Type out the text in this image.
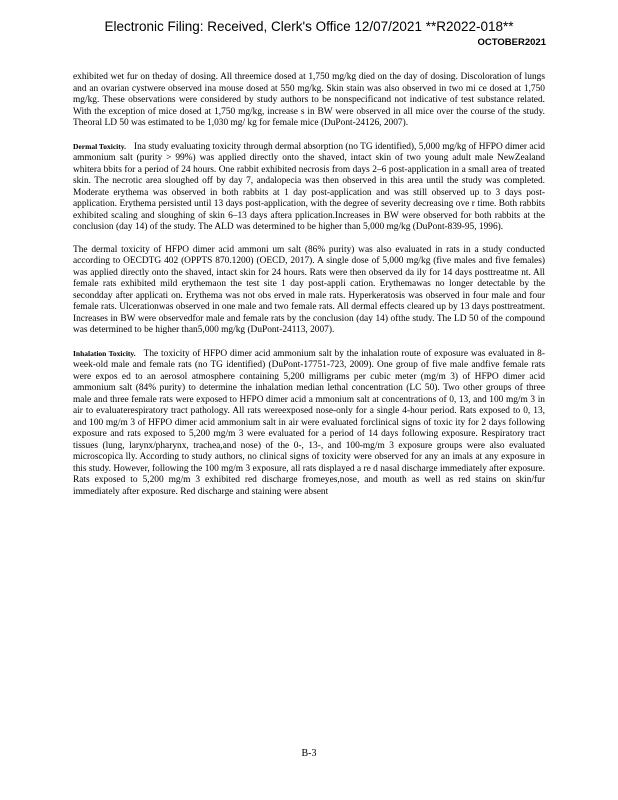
Electronic Filing: Received, Clerk's Office 12/07/2021 **R2022-018**
OCTOBER2021

exhibited wet fur on theday of dosing. All threemice dosed at 1,750 mg/kg died on the day of dosing. Discoloration of lungs and an ovarian cystwere observed ina mouse dosed at 550 mg/kg. Skin stain was also observed in two mi ce dosed at 1,750 mg/kg. These observations were considered by study authors to be nonspecificand not indicative of test substance related. With the exception of mice dosed at 1,750 mg/kg, increase s in BW were observed in all mice over the course of the study. Theoral LD 50 was estimated to be 1,030 mg/ kg for female mice (DuPont-24126, 2007).

Dermal Toxicity. Ina study evaluating toxicity through dermal absorption (no TG identified), 5,000 mg/kg of HFPO dimer acid ammonium salt (purity > 99%) was applied directly onto the shaved, intact skin of two young adult male NewZealand whitera bbits for a period of 24 hours. One rabbit exhibited necrosis from days 2–6 post-application in a small area of treated skin. The necrotic area sloughed off by day 7, andalopecia was then observed in this area until the study was completed. Moderate erythema was observed in both rabbits at 1 day post-application and was still observed up to 3 days post-application. Erythema persisted until 13 days post-application, with the degree of severity decreasing ove r time. Both rabbits exhibited scaling and sloughing of skin 6–13 days aftera pplication.Increases in BW were observed for both rabbits at the conclusion (day 14) of the study. The ALD was determined to be higher than 5,000 mg/kg (DuPont-839-95, 1996).

The dermal toxicity of HFPO dimer acid ammoni um salt (86% purity) was also evaluated in rats in a study conducted according to OECDTG 402 (OPPTS 870.1200) (OECD, 2017). A single dose of 5,000 mg/kg (five males and five females) was applied directly onto the shaved, intact skin for 24 hours. Rats were then observed da ily for 14 days posttreatme nt. All female rats exhibited mild erythemaon the test site 1 day post-appli cation. Erythemawas no longer detectable by the secondday after applicati on. Erythema was not obs erved in male rats. Hyperkeratosis was observed in four male and four female rats. Ulcerationwas observed in one male and two female rats. All dermal effects cleared up by 13 days posttreatment. Increases in BW were observedfor male and female rats by the conclusion (day 14) ofthe study. The LD 50 of the compound was determined to be higher than5,000 mg/kg (DuPont-24113, 2007).

Inhalation Toxicity. The toxicity of HFPO dimer acid ammonium salt by the inhalation route of exposure was evaluated in 8-week-old male and female rats (no TG identified) (DuPont-17751-723, 2009). One group of five male andfive female rats were expos ed to an aerosol atmosphere containing 5,200 milligrams per cubic meter (mg/m 3) of HFPO dimer acid ammonium salt (84% purity) to determine the inhalation median lethal concentration (LC 50). Two other groups of three male and three female rats were exposed to HFPO dimer acid a mmonium salt at concentrations of 0, 13, and 100 mg/m 3 in air to evaluaterespiratory tract pathology. All rats wereexposed nose-only for a single 4-hour period. Rats exposed to 0, 13, and 100 mg/m 3 of HFPO dimer acid ammonium salt in air were evaluated forclinical signs of toxic ity for 2 days following exposure and rats exposed to 5,200 mg/m 3 were evaluated for a period of 14 days following exposure. Respiratory tract tissues (lung, larynx/pharynx, trachea,and nose) of the 0-, 13-, and 100-mg/m 3 exposure groups were also evaluated microscopica lly. According to study authors, no clinical signs of toxicity were observed for any an imals at any exposure in this study. However, following the 100 mg/m 3 exposure, all rats displayed a re d nasal discharge immediately after exposure. Rats exposed to 5,200 mg/m 3 exhibited red discharge fromeyes,nose, and mouth as well as red stains on skin/fur immediately after exposure. Red discharge and staining were absent

B-3
